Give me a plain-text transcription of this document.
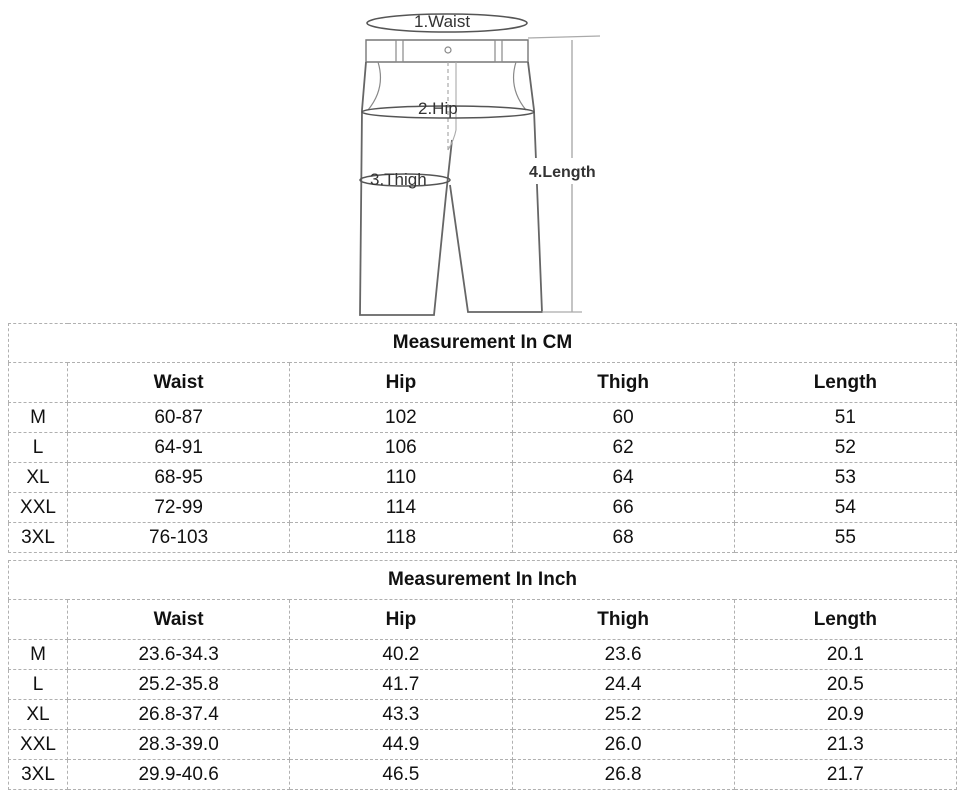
1.Waist
2.Hip
3.Thigh	4.Length
Measurement In CM				
	Waist	Hip	Thigh	Length
M	60-87	102	60	51
L	64-91	106	62	52
XL	68-95	110	64	53
XXL	72-99	114	66	54
3XL	76-103	118	68	55
Measurement In Inch				
	Waist	Hip	Thigh	Length
M	23.6-34.3	40.2	23.6	20.1
L	25.2-35.8	41.7	24.4	20.5
XL	26.8-37.4	43.3	25.2	20.9
XXL	28.3-39.0	44.9	26.0	21.3
3XL	29.9-40.6	46.5	26.8	21.7
